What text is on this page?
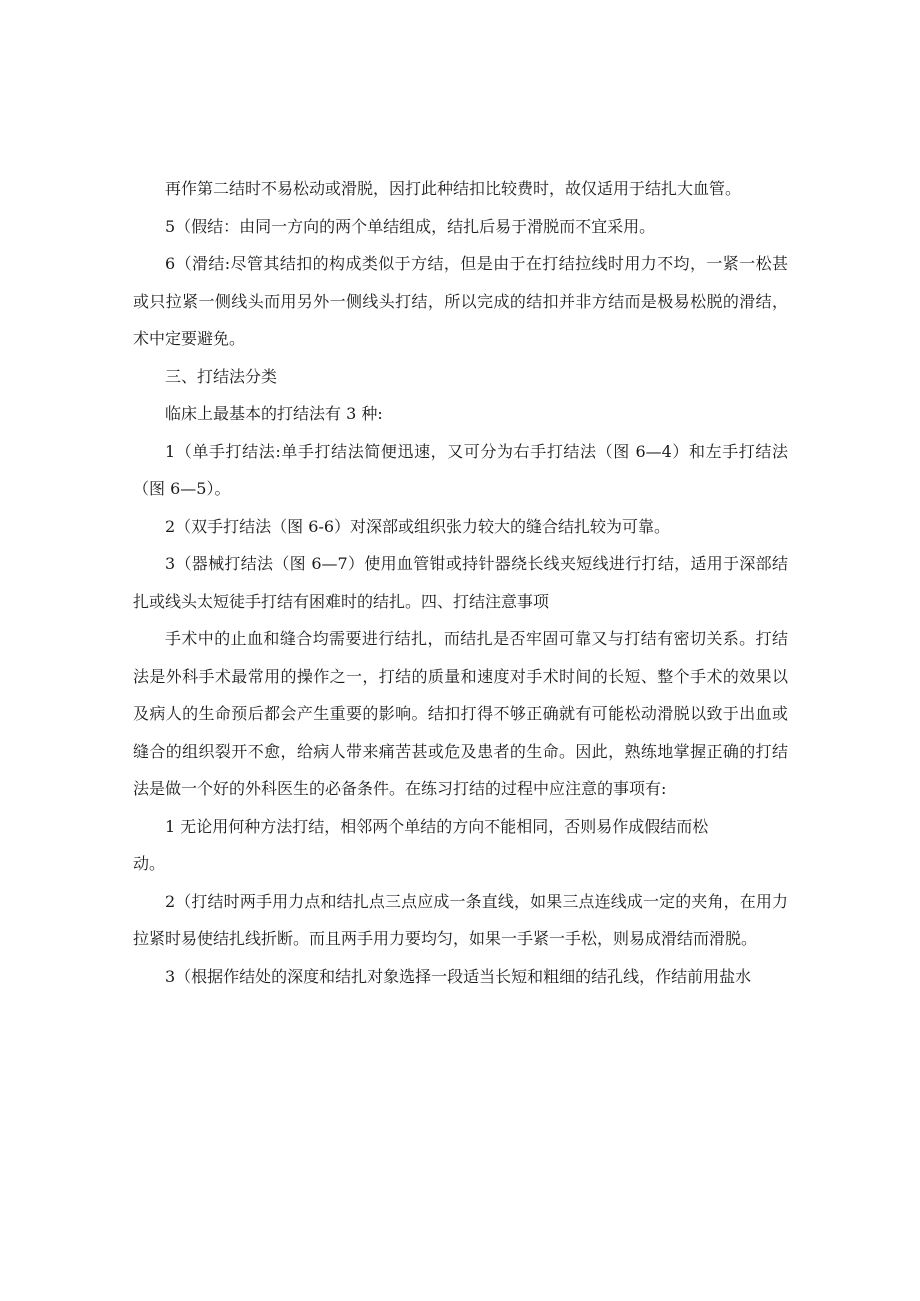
再作第二结时不易松动或滑脱，因打此种结扣比较费时，故仅适用于结扎大血管。

5（假结：由同一方向的两个单结组成，结扎后易于滑脱而不宜采用。

6（滑结:尽管其结扣的构成类似于方结，但是由于在打结拉线时用力不均，一紧一松甚或只拉紧一侧线头而用另外一侧线头打结，所以完成的结扣并非方结而是极易松脱的滑结，术中定要避免。

三、打结法分类

临床上最基本的打结法有 3 种:

1（单手打结法:单手打结法简便迅速，又可分为右手打结法（图 6—4）和左手打结法（图 6—5）。

2（双手打结法（图 6-6）对深部或组织张力较大的缝合结扎较为可靠。

3（器械打结法（图 6—7）使用血管钳或持针器绕长线夹短线进行打结，适用于深部结扎或线头太短徒手打结有困难时的结扎。四、打结注意事项

手术中的止血和缝合均需要进行结扎，而结扎是否牢固可靠又与打结有密切关系。打结法是外科手术最常用的操作之一，打结的质量和速度对手术时间的长短、整个手术的效果以及病人的生命预后都会产生重要的影响。结扣打得不够正确就有可能松动滑脱以致于出血或缝合的组织裂开不愈，给病人带来痛苦甚或危及患者的生命。因此，熟练地掌握正确的打结法是做一个好的外科医生的必备条件。在练习打结的过程中应注意的事项有:

1 无论用何种方法打结，相邻两个单结的方向不能相同，否则易作成假结而松

动。

2（打结时两手用力点和结扎点三点应成一条直线，如果三点连线成一定的夹角，在用力拉紧时易使结扎线折断。而且两手用力要均匀，如果一手紧一手松，则易成滑结而滑脱。

3（根据作结处的深度和结扎对象选择一段适当长短和粗细的结孔线，作结前用盐水
